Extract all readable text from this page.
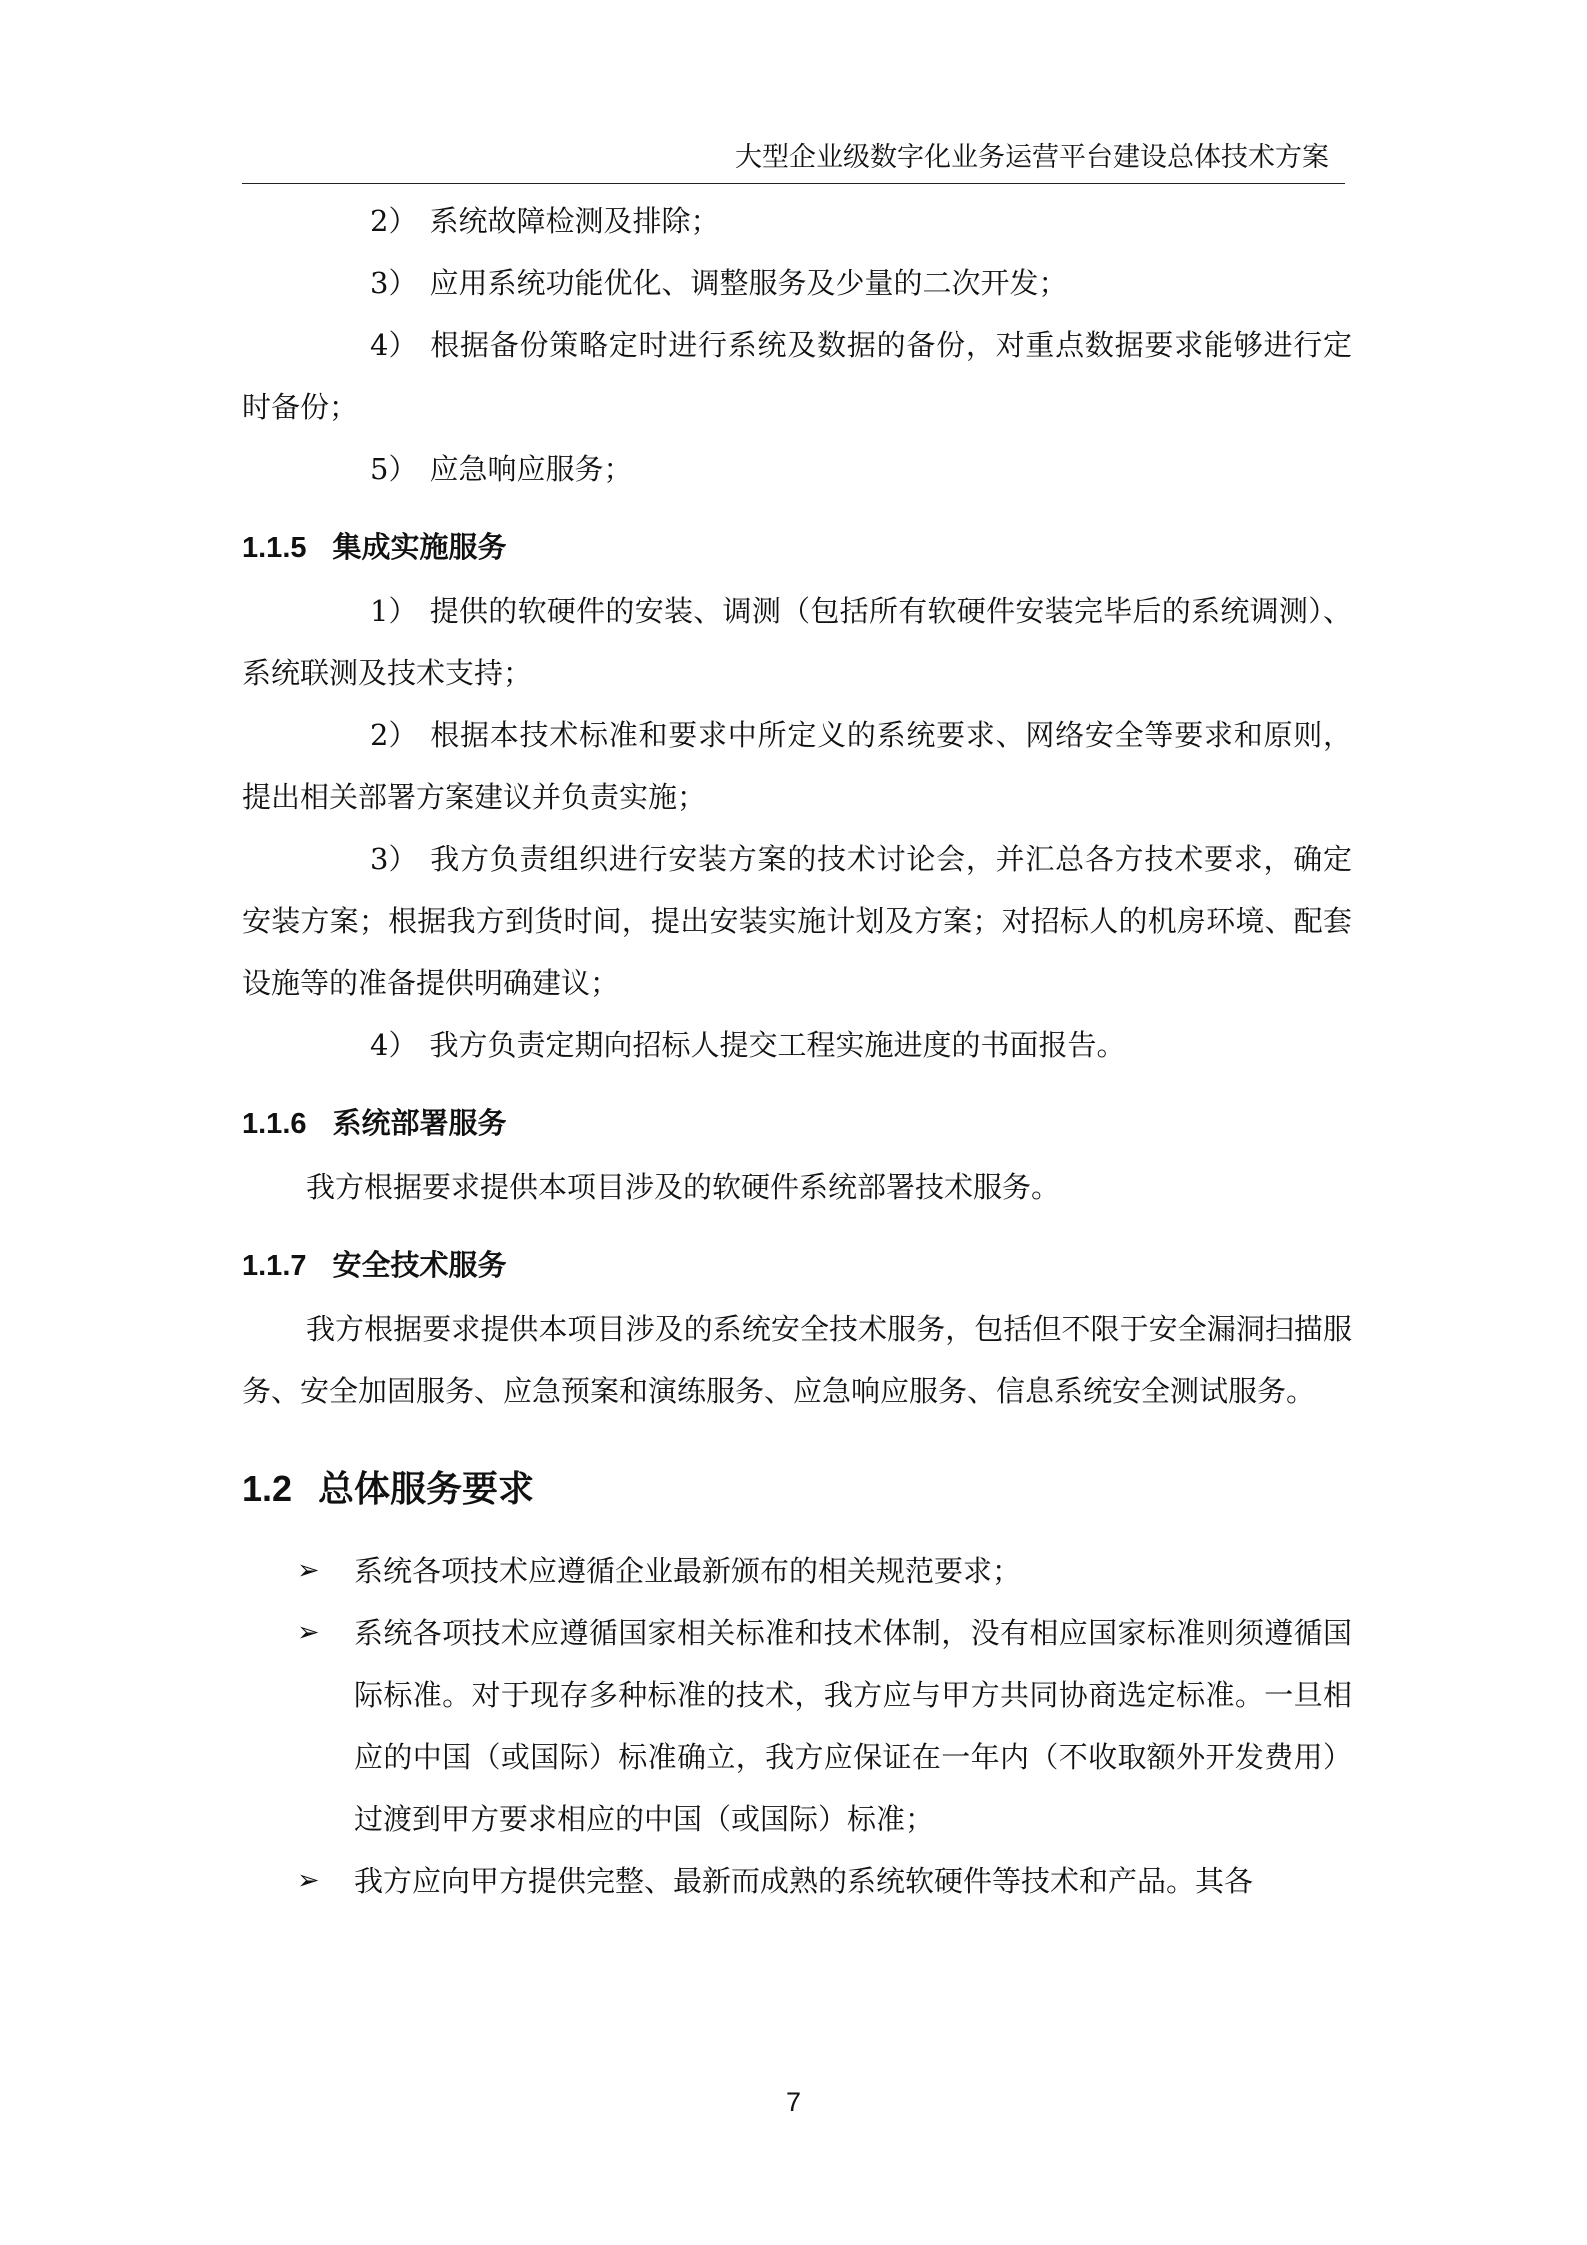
大型企业级数字化业务运营平台建设总体技术方案

2） 系统故障检测及排除；

3） 应用系统功能优化、调整服务及少量的二次开发；

4） 根据备份策略定时进行系统及数据的备份，对重点数据要求能够进行定时备份；

5） 应急响应服务；

1.1.5 集成实施服务

1） 提供的软硬件的安装、调测（包括所有软硬件安装完毕后的系统调测）、系统联测及技术支持；

2） 根据本技术标准和要求中所定义的系统要求、网络安全等要求和原则，提出相关部署方案建议并负责实施；

3） 我方负责组织进行安装方案的技术讨论会，并汇总各方技术要求，确定安装方案；根据我方到货时间，提出安装实施计划及方案；对招标人的机房环境、配套设施等的准备提供明确建议；

4） 我方负责定期向招标人提交工程实施进度的书面报告。

1.1.6 系统部署服务

我方根据要求提供本项目涉及的软硬件系统部署技术服务。

1.1.7 安全技术服务

我方根据要求提供本项目涉及的系统安全技术服务，包括但不限于安全漏洞扫描服务、安全加固服务、应急预案和演练服务、应急响应服务、信息系统安全测试服务。

1.2 总体服务要求
➢ 系统各项技术应遵循企业最新颁布的相关规范要求；
➢ 系统各项技术应遵循国家相关标准和技术体制，没有相应国家标准则须遵循国际标准。对于现存多种标准的技术，我方应与甲方共同协商选定标准。一旦相应的中国（或国际）标准确立，我方应保证在一年内（不收取额外开发费用）过渡到甲方要求相应的中国（或国际）标准；
➢ 我方应向甲方提供完整、最新而成熟的系统软硬件等技术和产品。其各
7
